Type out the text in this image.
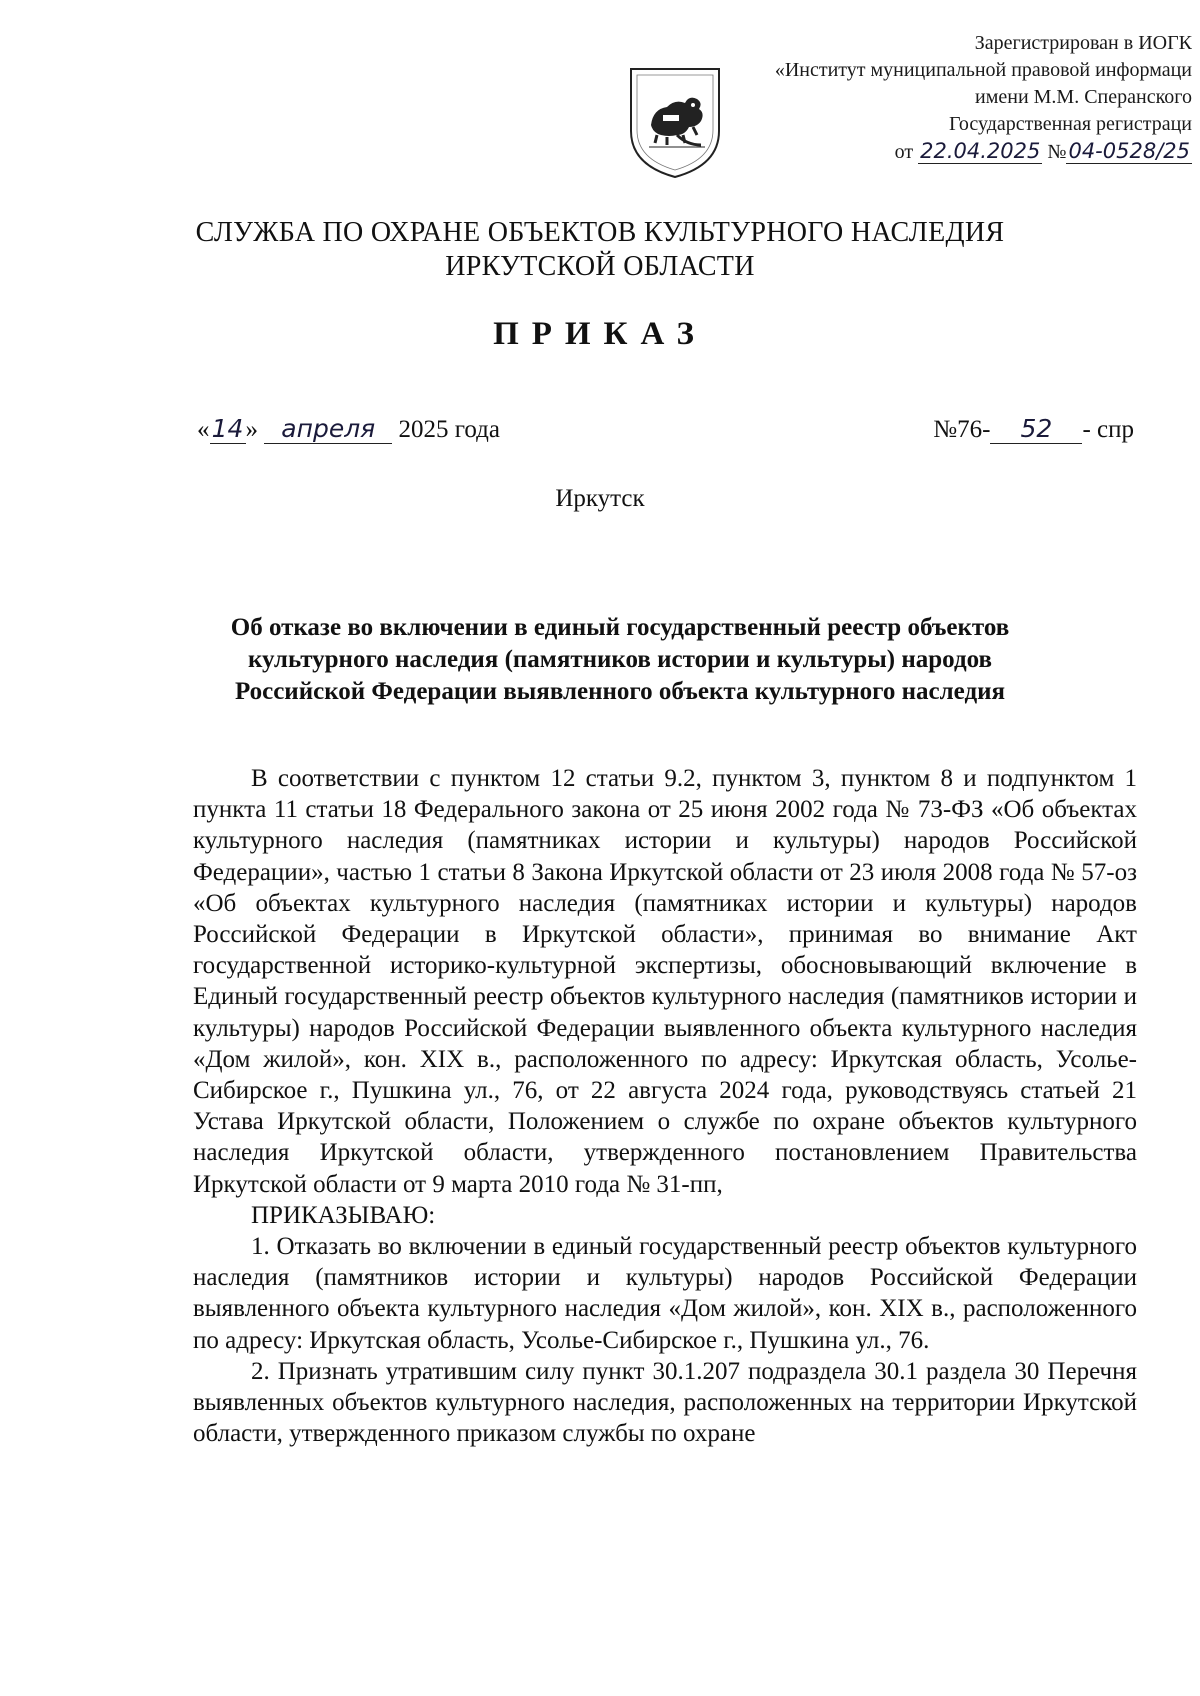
Зарегистрирован в ИОГК
«Институт муниципальной правовой информаци
имени М.М. Сперанского
Государственная регистраци
от 22.04.2025 №04-0528/25
СЛУЖБА ПО ОХРАНЕ ОБЪЕКТОВ КУЛЬТУРНОГО НАСЛЕДИЯ
ИРКУТСКОЙ ОБЛАСТИ
ПРИКАЗ
«14» апреля 2025 года	№76- 52 - спр
Иркутск
Об отказе во включении в единый государственный реестр объектов
культурного наследия (памятников истории и культуры) народов
Российской Федерации выявленного объекта культурного наследия

В соответствии с пунктом 12 статьи 9.2, пунктом 3, пунктом 8 и подпунктом 1 пункта 11 статьи 18 Федерального закона от 25 июня 2002 года № 73-ФЗ «Об объектах культурного наследия (памятниках истории и культуры) народов Российской Федерации», частью 1 статьи 8 Закона Иркутской области от 23 июля 2008 года № 57-оз «Об объектах культурного наследия (памятниках истории и культуры) народов Российской Федерации в Иркутской области», принимая во внимание Акт государственной историко-культурной экспертизы, обосновывающий включение в Единый государственный реестр объектов культурного наследия (памятников истории и культуры) народов Российской Федерации выявленного объекта культурного наследия «Дом жилой», кон. XIX в., расположенного по адресу: Иркутская область, Усолье-Сибирское г., Пушкина ул., 76, от 22 августа 2024 года, руководствуясь статьей 21 Устава Иркутской области, Положением о службе по охране объектов культурного наследия Иркутской области, утвержденного постановлением Правительства Иркутской области от 9 марта 2010 года № 31-пп,

ПРИКАЗЫВАЮ:

1. Отказать во включении в единый государственный реестр объектов культурного наследия (памятников истории и культуры) народов Российской Федерации выявленного объекта культурного наследия «Дом жилой», кон. XIX в., расположенного по адресу: Иркутская область, Усолье-Сибирское г., Пушкина ул., 76.

2. Признать утратившим силу пункт 30.1.207 подраздела 30.1 раздела 30 Перечня выявленных объектов культурного наследия, расположенных на территории Иркутской области, утвержденного приказом службы по охране
